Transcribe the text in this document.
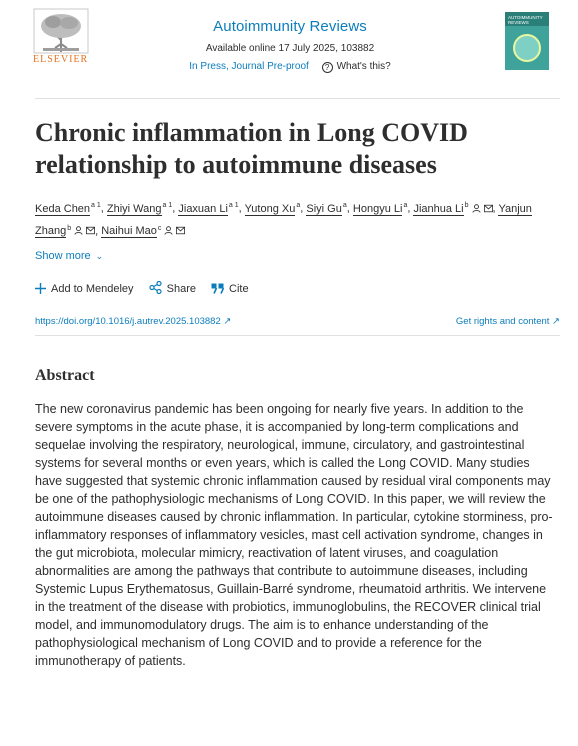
ELSEVIER
Autoimmunity Reviews
Available online 17 July 2025, 103882
In Press, Journal Pre-proof ? What's this?
AUTOIMMUNITY REVIEWS
Chronic inflammation in Long COVID relationship to autoimmune diseases
Keda Chen$^{a 1}$, Zhiyi Wang$^{a 1}$, Jiaxuan $Li^{a 1}$, Yutong Xu$^a$, Siyi Gu$^a$, Hongyu Li$^a$, Jianhua Li$^b$ , Yanjun Zhang$^b$ , Naihui Mao$^c$
Show more ⌄
Add to Mendeley	Share	Cite
https://doi.org/10.1016/j.autrev.2025.103882 ↗	Get rights and content ↗
Abstract

The new coronavirus pandemic has been ongoing for nearly five years. In addition to the severe symptoms in the acute phase, it is accompanied by long-term complications and sequelae involving the respiratory, neurological, immune, circulatory, and gastrointestinal systems for several months or even years, which is called the Long COVID. Many studies have suggested that systemic chronic inflammation caused by residual viral components may be one of the pathophysiologic mechanisms of Long COVID. In this paper, we will review the autoimmune diseases caused by chronic inflammation. In particular, cytokine storminess, pro-inflammatory responses of inflammatory vesicles, mast cell activation syndrome, changes in the gut microbiota, molecular mimicry, reactivation of latent viruses, and coagulation abnormalities are among the pathways that contribute to autoimmune diseases, including Systemic Lupus Erythematosus, Guillain-Barré syndrome, rheumatoid arthritis. We intervene in the treatment of the disease with probiotics, immunoglobulins, the RECOVER clinical trial model, and immunomodulatory drugs. The aim is to enhance understanding of the pathophysiological mechanism of Long COVID and to provide a reference for the immunotherapy of patients.
